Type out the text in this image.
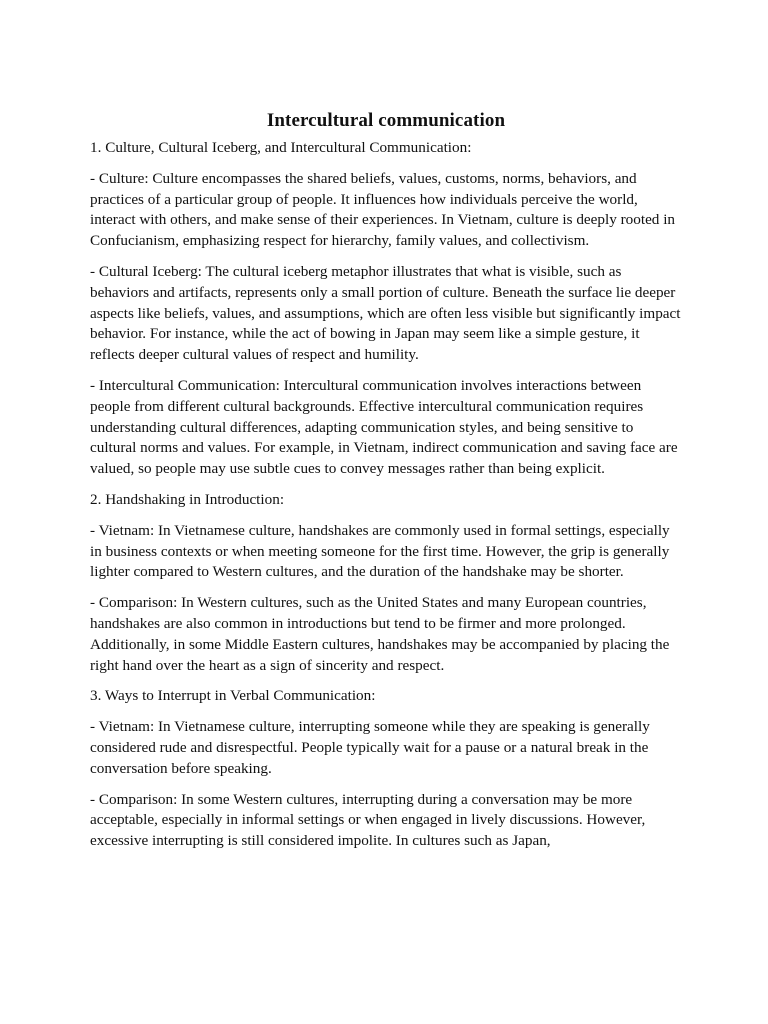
Intercultural communication

1. Culture, Cultural Iceberg, and Intercultural Communication:

- Culture: Culture encompasses the shared beliefs, values, customs, norms, behaviors, and practices of a particular group of people. It influences how individuals perceive the world, interact with others, and make sense of their experiences. In Vietnam, culture is deeply rooted in Confucianism, emphasizing respect for hierarchy, family values, and collectivism.

- Cultural Iceberg: The cultural iceberg metaphor illustrates that what is visible, such as behaviors and artifacts, represents only a small portion of culture. Beneath the surface lie deeper aspects like beliefs, values, and assumptions, which are often less visible but significantly impact behavior. For instance, while the act of bowing in Japan may seem like a simple gesture, it reflects deeper cultural values of respect and humility.

- Intercultural Communication: Intercultural communication involves interactions between people from different cultural backgrounds. Effective intercultural communication requires understanding cultural differences, adapting communication styles, and being sensitive to cultural norms and values. For example, in Vietnam, indirect communication and saving face are valued, so people may use subtle cues to convey messages rather than being explicit.

2. Handshaking in Introduction:

- Vietnam: In Vietnamese culture, handshakes are commonly used in formal settings, especially in business contexts or when meeting someone for the first time. However, the grip is generally lighter compared to Western cultures, and the duration of the handshake may be shorter.

- Comparison: In Western cultures, such as the United States and many European countries, handshakes are also common in introductions but tend to be firmer and more prolonged. Additionally, in some Middle Eastern cultures, handshakes may be accompanied by placing the right hand over the heart as a sign of sincerity and respect.

3. Ways to Interrupt in Verbal Communication:

- Vietnam: In Vietnamese culture, interrupting someone while they are speaking is generally considered rude and disrespectful. People typically wait for a pause or a natural break in the conversation before speaking.

- Comparison: In some Western cultures, interrupting during a conversation may be more acceptable, especially in informal settings or when engaged in lively discussions. However, excessive interrupting is still considered impolite. In cultures such as Japan,
